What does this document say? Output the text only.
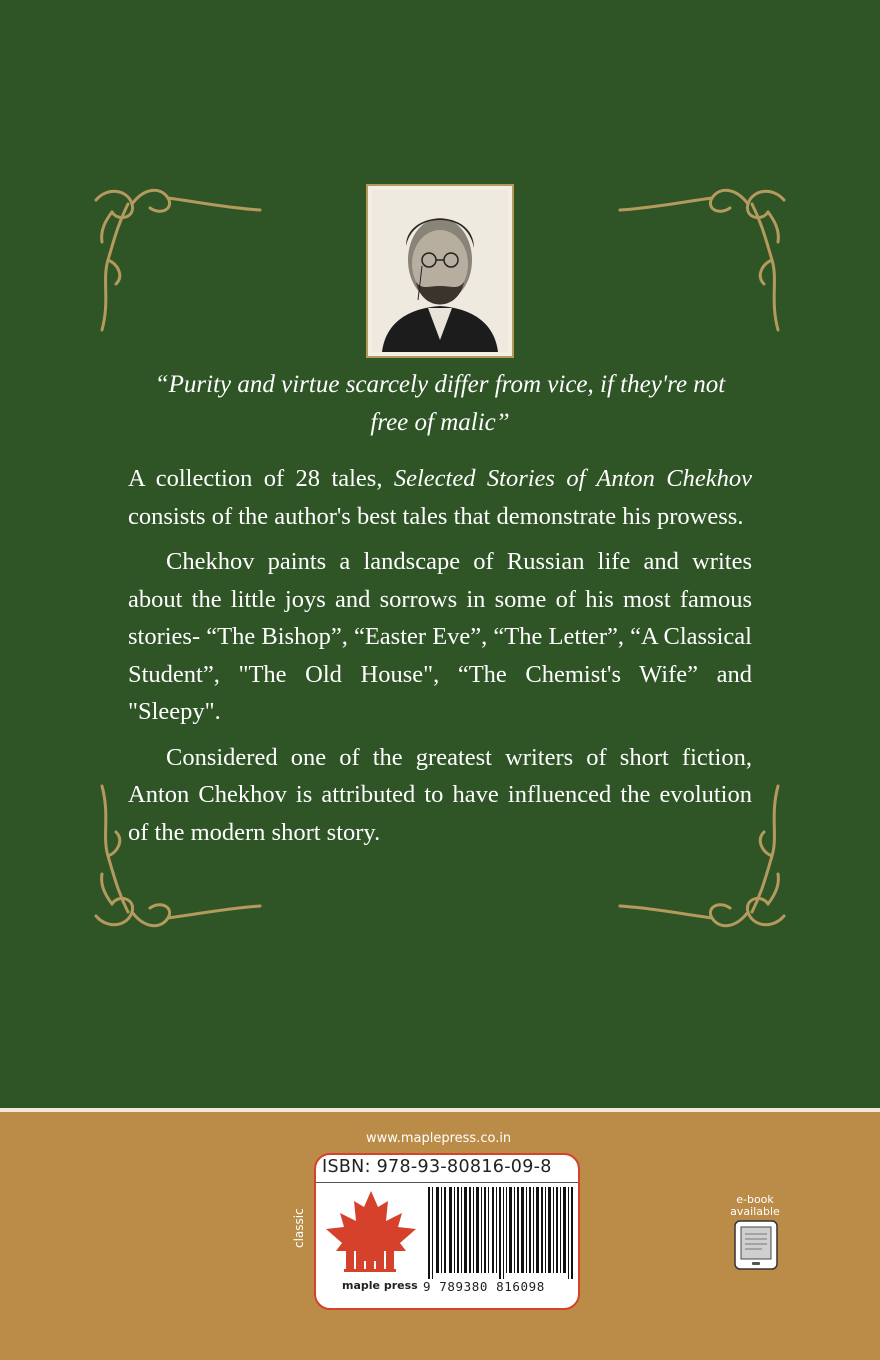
“Purity and virtue scarcely differ from vice, if they're not
free of malic”

A collection of 28 tales, Selected Stories of Anton Chekhov consists of the author's best tales that demonstrate his prowess.

Chekhov paints a landscape of Russian life and writes about the little joys and sorrows in some of his most famous stories- “The Bishop”, “Easter Eve”, “The Letter”, “A Classical Student”, "The Old House", “The Chemist's Wife” and "Sleepy".

Considered one of the greatest writers of short fiction, Anton Chekhov is attributed to have influenced the evolution of the modern short story.

www.maplepress.co.in
classic
ISBN: 978-93-80816-09-8
maple press 9 789380 816098
e-book
available
